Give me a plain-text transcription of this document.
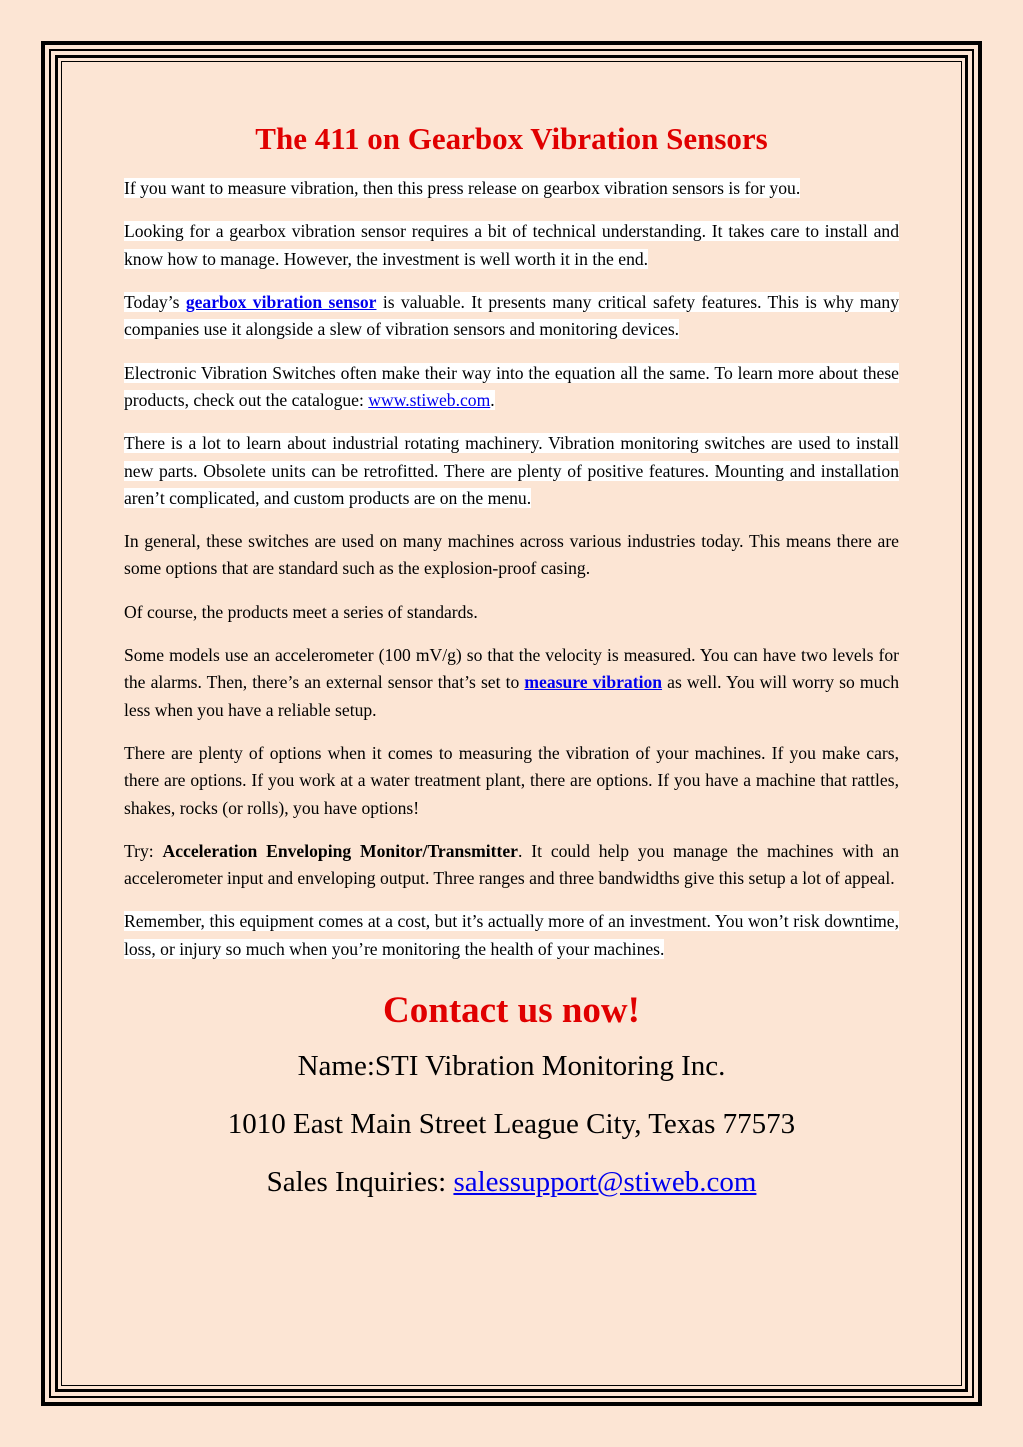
The 411 on Gearbox Vibration Sensors

If you want to measure vibration, then this press release on gearbox vibration sensors is for you.

Looking for a gearbox vibration sensor requires a bit of technical understanding. It takes care to install and know how to manage. However, the investment is well worth it in the end.

Today’s gearbox vibration sensor is valuable. It presents many critical safety features. This is why many companies use it alongside a slew of vibration sensors and monitoring devices.

Electronic Vibration Switches often make their way into the equation all the same. To learn more about these products, check out the catalogue: www.stiweb.com.

There is a lot to learn about industrial rotating machinery. Vibration monitoring switches are used to install new parts. Obsolete units can be retrofitted. There are plenty of positive features. Mounting and installation aren’t complicated, and custom products are on the menu.

In general, these switches are used on many machines across various industries today. This means there are some options that are standard such as the explosion-proof casing.

Of course, the products meet a series of standards.

Some models use an accelerometer (100 mV/g) so that the velocity is measured. You can have two levels for the alarms. Then, there’s an external sensor that’s set to measure vibration as well. You will worry so much less when you have a reliable setup.

There are plenty of options when it comes to measuring the vibration of your machines. If you make cars, there are options. If you work at a water treatment plant, there are options. If you have a machine that rattles, shakes, rocks (or rolls), you have options!

Try: Acceleration Enveloping Monitor/Transmitter. It could help you manage the machines with an accelerometer input and enveloping output. Three ranges and three bandwidths give this setup a lot of appeal.

Remember, this equipment comes at a cost, but it’s actually more of an investment. You won’t risk downtime, loss, or injury so much when you’re monitoring the health of your machines.

Contact us now!
Name:STI Vibration Monitoring Inc.
1010 East Main Street League City, Texas 77573
Sales Inquiries: salessupport@stiweb.com
